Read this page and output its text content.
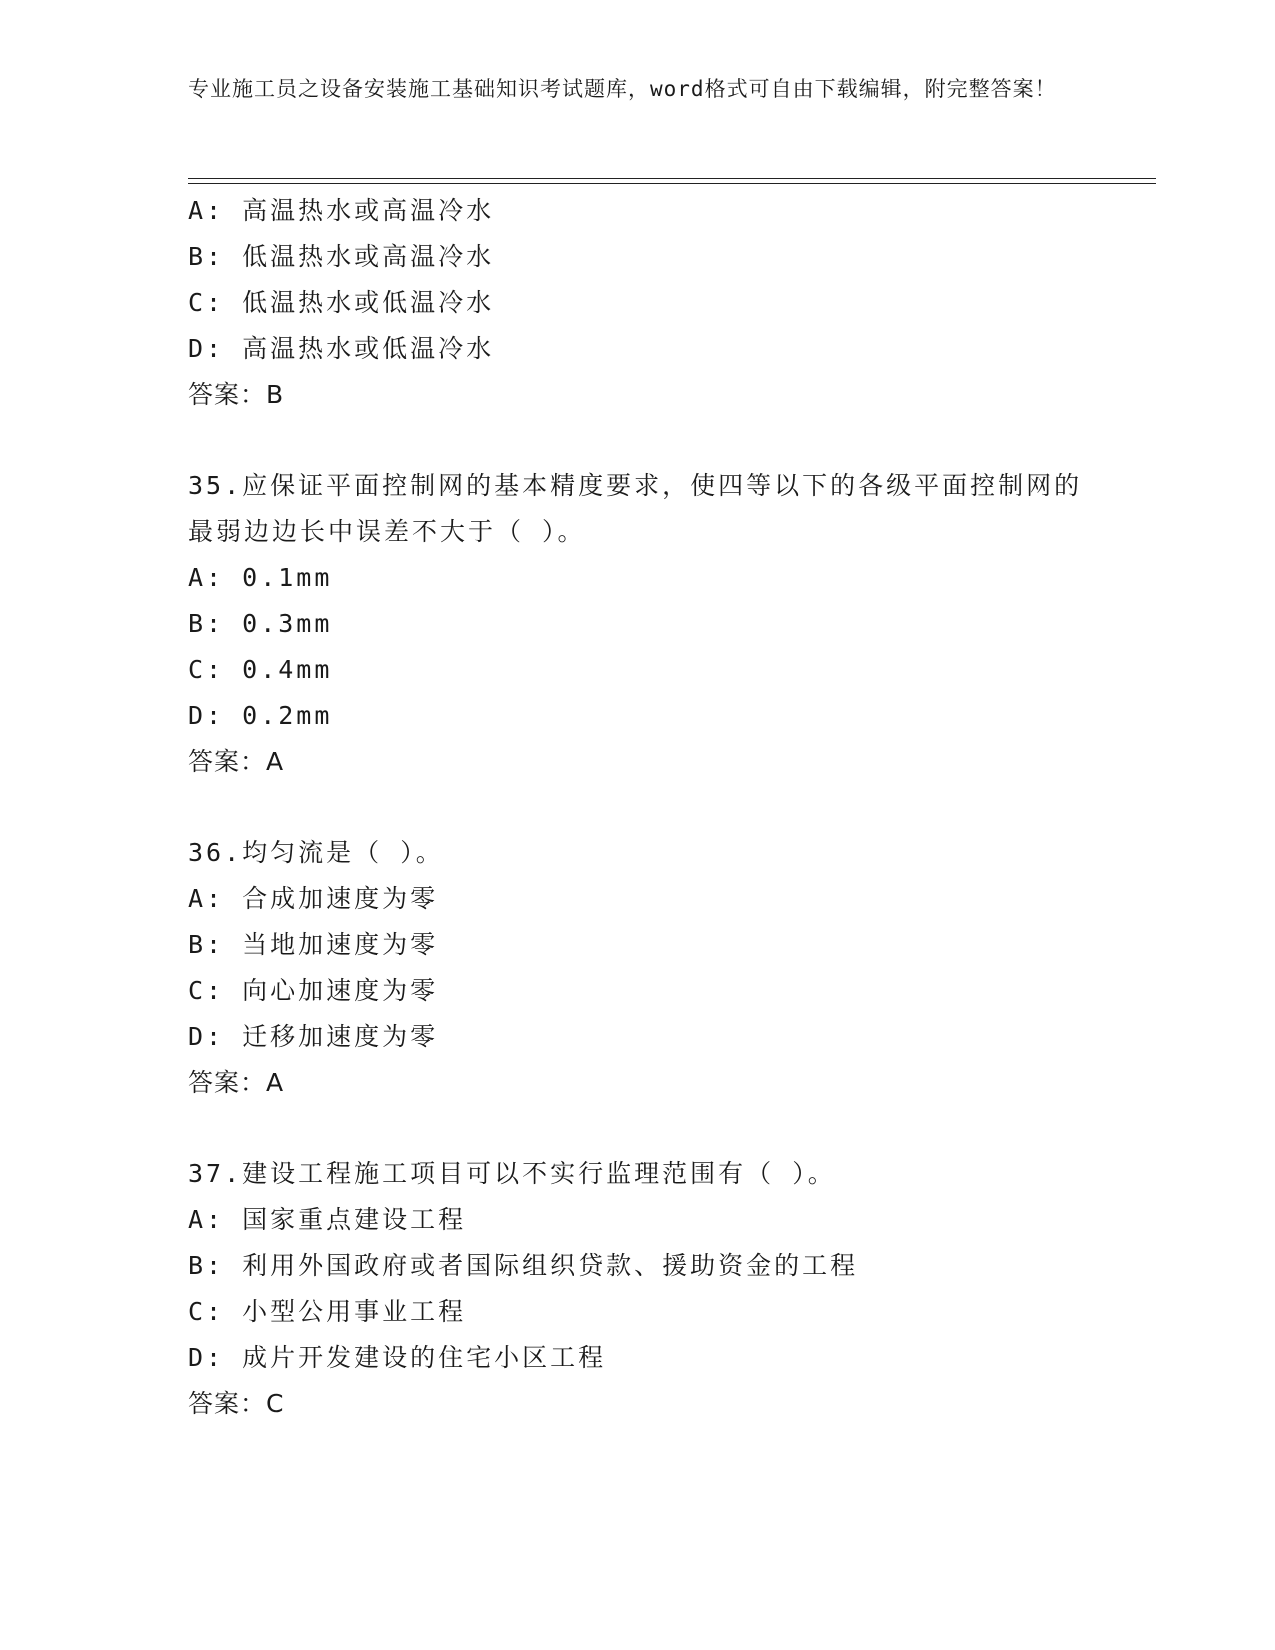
专业施工员之设备安装施工基础知识考试题库，word格式可自由下载编辑，附完整答案！
A: 高温热水或高温冷水
B: 低温热水或高温冷水
C: 低温热水或低温冷水
D: 高温热水或低温冷水
答案：B
35.应保证平面控制网的基本精度要求，使四等以下的各级平面控制网的最弱边边长中误差不大于（ ）。
A: 0.1mm
B: 0.3mm
C: 0.4mm
D: 0.2mm
答案：A
36.均匀流是（ ）。
A: 合成加速度为零
B: 当地加速度为零
C: 向心加速度为零
D: 迁移加速度为零
答案：A
37.建设工程施工项目可以不实行监理范围有（ ）。
A: 国家重点建设工程
B: 利用外国政府或者国际组织贷款、援助资金的工程
C: 小型公用事业工程
D: 成片开发建设的住宅小区工程
答案：C
